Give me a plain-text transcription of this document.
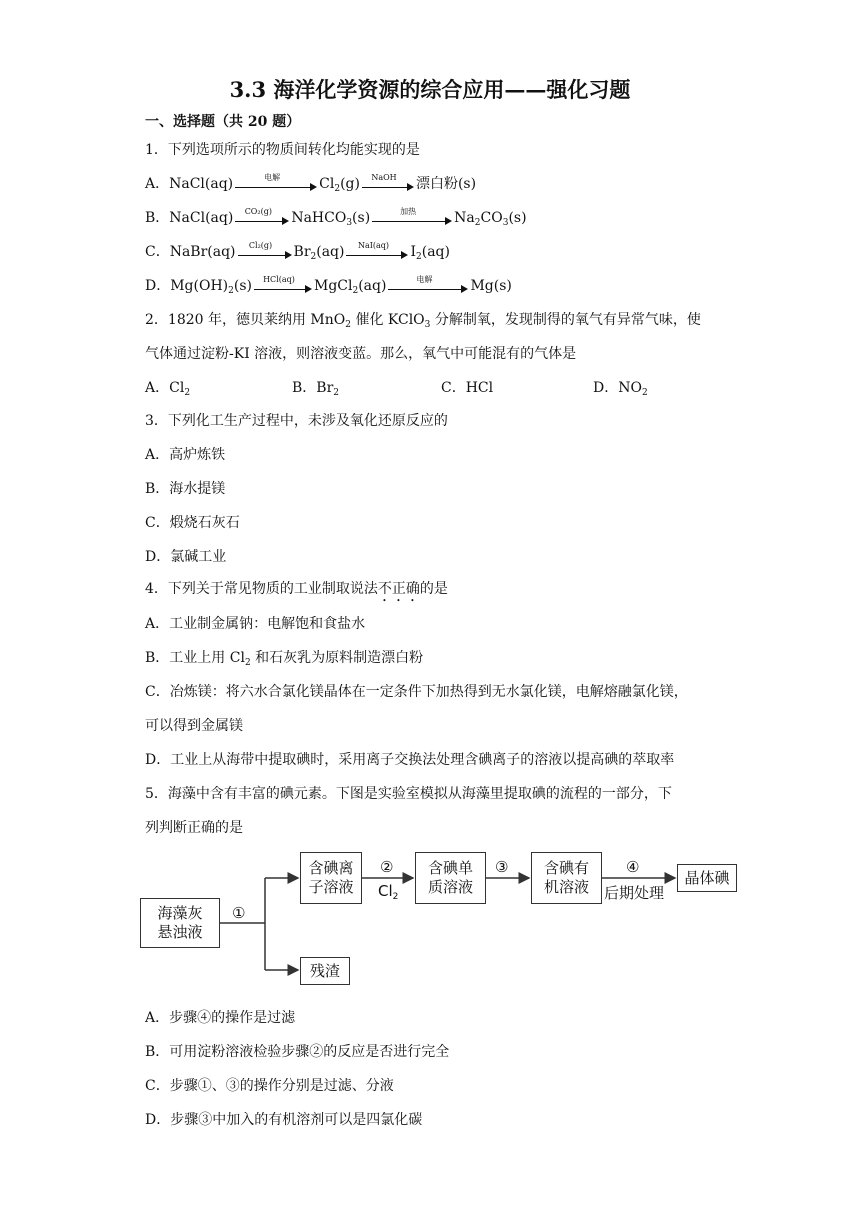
3.3 海洋化学资源的综合应用——强化习题
一、选择题（共 20 题）
1．下列选项所示的物质间转化均能实现的是
A．NaCl(aq)	电解	$Cl_2(g)$	NaOH	漂白粉(s)
B．NaCl(aq)	CO₂(g)	NaHCO$_3$(s)	加热	$Na_2CO_3(s)$
C．NaBr(aq)	Cl₂(g)	$Br_2(aq)$	NaI(aq)	$I_2(aq)$
D．$Mg(OH)_2(s)$	HCl(aq)	MgCl$_2$(aq)	电解	Mg(s)
2．1820 年，德贝莱纳用 MnO$_2$ 催化 KClO$_3$ 分解制氧，发现制得的氧气有异常气味，使
气体通过淀粉-KI 溶液，则溶液变蓝。那么，氧气中可能混有的气体是
A．$Cl_2$	B．$Br_2$	C．HCl	D．$NO_2$
3．下列化工生产过程中，未涉及氧化还原反应的
A．高炉炼铁
B．海水提镁
C．煅烧石灰石
D．氯碱工业
4．下列关于常见物质的工业制取说法不正确的是
A．工业制金属钠：电解饱和食盐水
B．工业上用 $Cl_2$ 和石灰乳为原料制造漂白粉
C．冶炼镁：将六水合氯化镁晶体在一定条件下加热得到无水氯化镁，电解熔融氯化镁，
可以得到金属镁
D．工业上从海带中提取碘时，采用离子交换法处理含碘离子的溶液以提高碘的萃取率
5．海藻中含有丰富的碘元素。下图是实验室模拟从海藻里提取碘的流程的一部分，下
列判断正确的是
海藻灰
悬浊液
①
含碘离
子溶液
②
$Cl_2$
含碘单
质溶液
③ 含碘有
机溶液
④
后期处理
晶体碘
残渣
A．步骤④的操作是过滤
B．可用淀粉溶液检验步骤②的反应是否进行完全
C．步骤①、③的操作分别是过滤、分液
D．步骤③中加入的有机溶剂可以是四氯化碳
